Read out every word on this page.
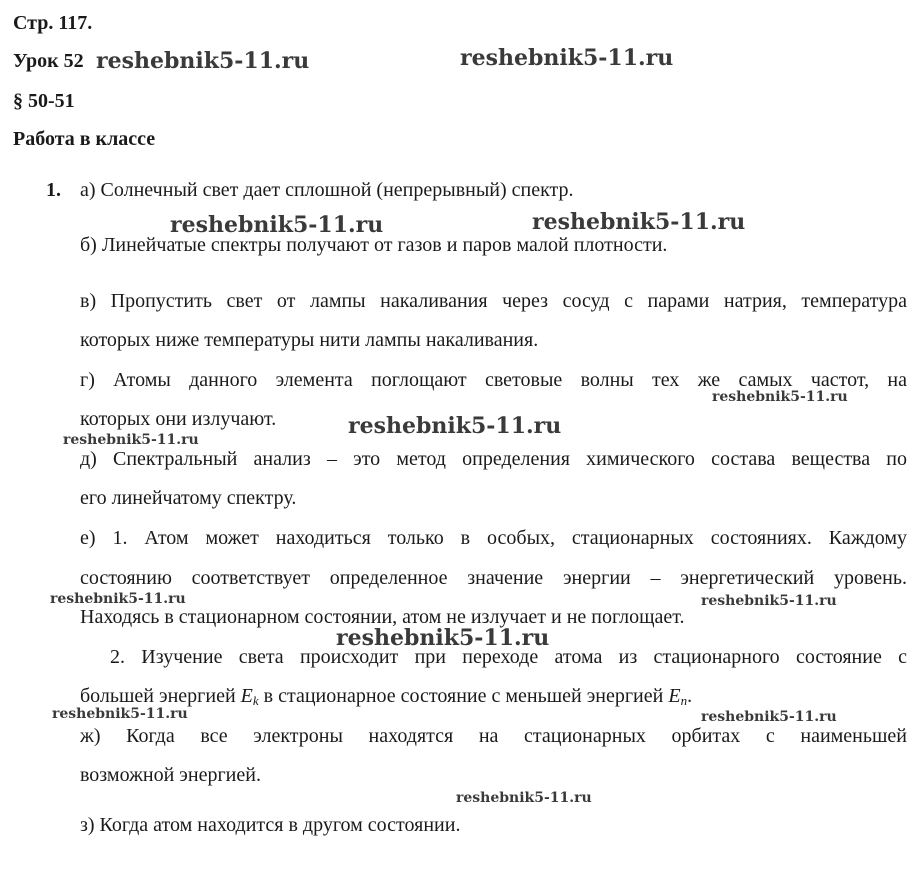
Стр. 117.
Урок 52
§ 50-51
Работа в классе
1. а) Солнечный свет дает сплошной (непрерывный) спектр.
б) Линейчатые спектры получают от газов и паров малой плотности.
в) Пропустить свет от лампы накаливания через сосуд с парами натрия, температура
которых ниже температуры нити лампы накаливания.
г) Атомы данного элемента поглощают световые волны тех же самых частот, на
которых они излучают.
д) Спектральный анализ – это метод определения химического состава вещества по
его линейчатому спектру.
е) 1. Атом может находиться только в особых, стационарных состояниях. Каждому
состоянию соответствует определенное значение энергии – энергетический уровень.
Находясь в стационарном состоянии, атом не излучает и не поглощает.
2. Изучение света происходит при переходе атома из стационарного состояние с
большей энергией $E_k$ в стационарное состояние с меньшей энергией $E_n$.
ж) Когда все электроны находятся на стационарных орбитах с наименьшей
возможной энергией.
з) Когда атом находится в другом состоянии.
reshebnik5-11.ru	reshebnik5-11.ru
reshebnik5-11.ru	reshebnik5-11.ru
reshebnik5-11.ru
reshebnik5-11.ru
reshebnik5-11.ru
reshebnik5-11.ru	reshebnik5-11.ru
reshebnik5-11.ru
reshebnik5-11.ru	reshebnik5-11.ru
reshebnik5-11.ru
